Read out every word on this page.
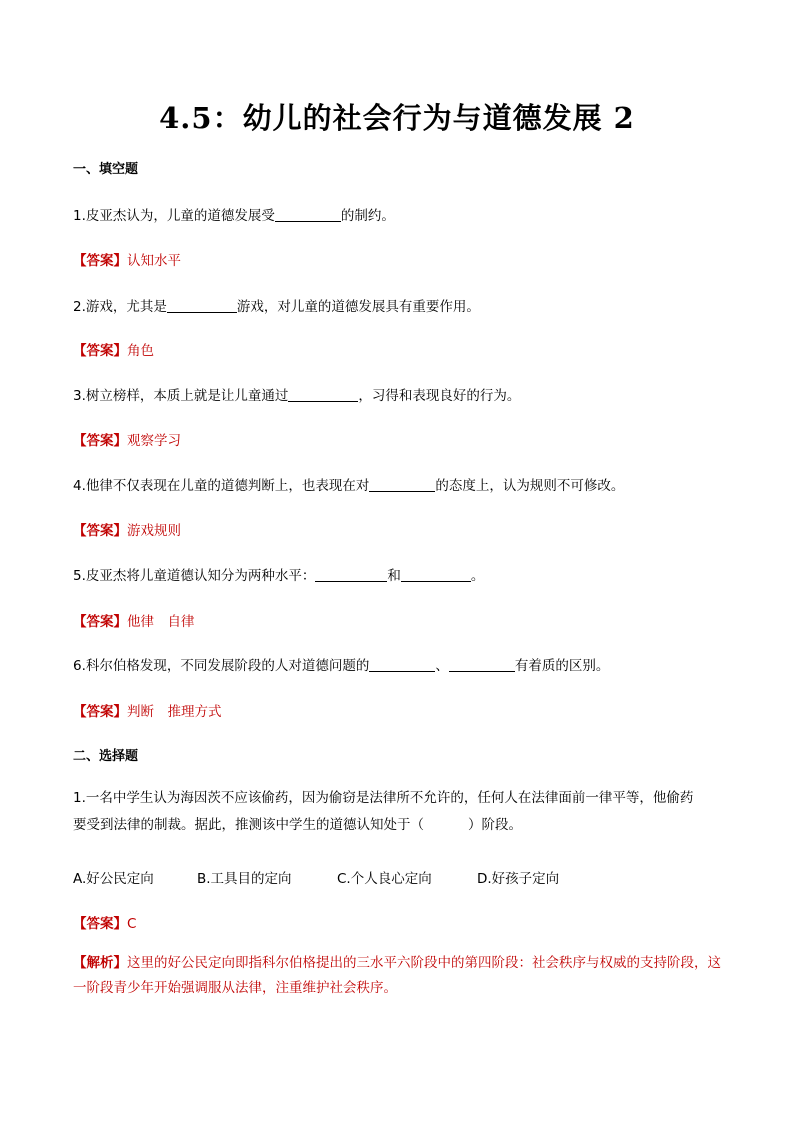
4.5：幼儿的社会行为与道德发展 2
一、填空题
1.皮亚杰认为，儿童的道德发展受	的制约。
【答案】认知水平
2.游戏，尤其是	游戏，对儿童的道德发展具有重要作用。
【答案】角色
3.树立榜样，本质上就是让儿童通过	，习得和表现良好的行为。
【答案】观察学习
4.他律不仅表现在儿童的道德判断上，也表现在对	的态度上，认为规则不可修改。
【答案】游戏规则
5.皮亚杰将儿童道德认知分为两种水平：	和	。
【答案】他律　自律
6.科尔伯格发现，不同发展阶段的人对道德问题的	、	有着质的区别。
【答案】判断　推理方式
二、选择题
1.一名中学生认为海因茨不应该偷药，因为偷窃是法律所不允许的，任何人在法律面前一律平等，他偷药
要受到法律的制裁。据此，推测该中学生的道德认知处于（	）阶段。
A.好公民定向	B.工具目的定向	C.个人良心定向	D.好孩子定向
【答案】C
【解析】这里的好公民定向即指科尔伯格提出的三水平六阶段中的第四阶段：社会秩序与权威的支持阶段，这一阶段青少年开始强调服从法律，注重维护社会秩序。
